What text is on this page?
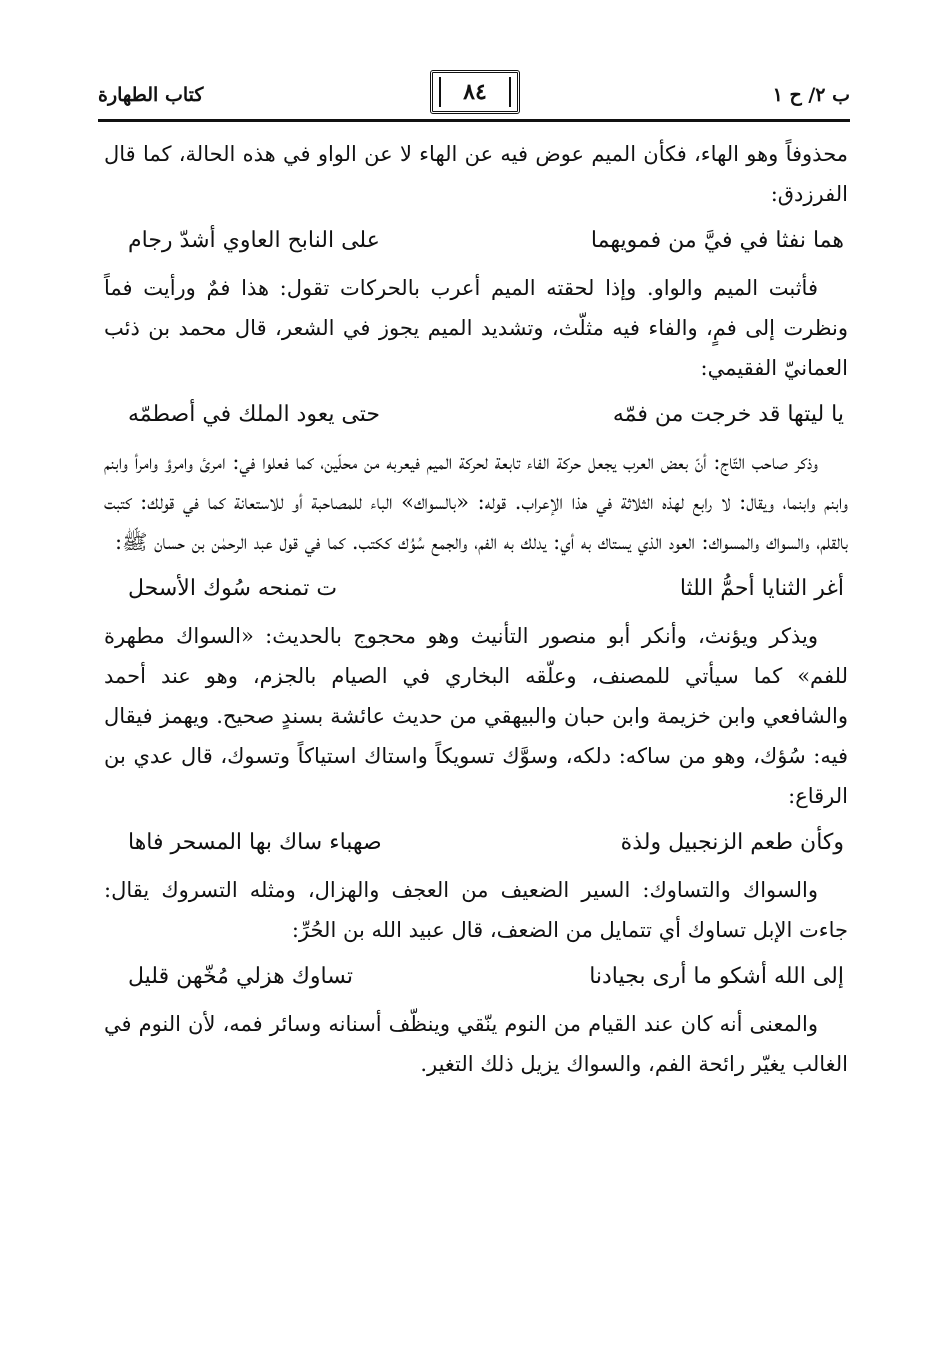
كتاب الطهارة	٨٤	ب ٢/ ح ١

محذوفاً وهو الهاء، فكأن الميم عوض فيه عن الهاء لا عن الواو في هذه الحالة، كما قال الفرزدق:

هما نفثا في فيَّ من فمويهما
على النابح العاوي أشدّ رجام

فأثبت الميم والواو. وإذا لحقته الميم أعرب بالحركات تقول: هذا فمٌ ورأيت فماً ونظرت إلى فمٍ، والفاء فيه مثلّث، وتشديد الميم يجوز في الشعر، قال محمد بن ذئب العمانيّ الفقيمي:

يا ليتها قد خرجت من فمّه
حتى يعود الملك في أصطمّه

وذكر صاحب التّاج: أنّ بعض العرب يجعل حركة الفاء تابعة لحركة الميم فيعربه من محلّين، كما فعلوا في: امرئ وامرؤ وامرأ وابنم وابنم وابنما، ويقال: لا رابع لهذه الثلاثة في هذا الإعراب. قوله: «بالسواك» الباء للمصاحبة أو للاستعانة كما في قولك: كتبت بالقلم، والسواك والمسواك: العود الذي يستاك به أي: يدلك به الفم، والجمع سُوُك ككتب. كما في قول عبد الرحمٰن بن حسان ﷺ:

أغر الثنايا أحمُّ اللثا
ت تمنحه سُوك الأسحل

ويذكر ويؤنث، وأنكر أبو منصور التأنيث وهو محجوج بالحديث: «السواك مطهرة للفم» كما سيأتي للمصنف، وعلّقه البخاري في الصيام بالجزم، وهو عند أحمد والشافعي وابن خزيمة وابن حبان والبيهقي من حديث عائشة بسندٍ صحيح. ويهمز فيقال فيه: سُؤك، وهو من ساكه: دلكه، وسوَّك تسويكاً واستاك استياكاً وتسوك، قال عدي بن الرقاع:

وكأن طعم الزنجبيل ولذة
صهباء ساك بها المسحر فاها

والسواك والتساوك: السير الضعيف من العجف والهزال، ومثله التسروك يقال: جاءت الإبل تساوك أي تتمايل من الضعف، قال عبيد الله بن الحُرِّ:

إلى الله أشكو ما أرى بجيادنا
تساوك هزلي مُخّهن قليل

والمعنى أنه كان عند القيام من النوم ينّقي وينظّف أسنانه وسائر فمه، لأن النوم في الغالب يغيّر رائحة الفم، والسواك يزيل ذلك التغير.
